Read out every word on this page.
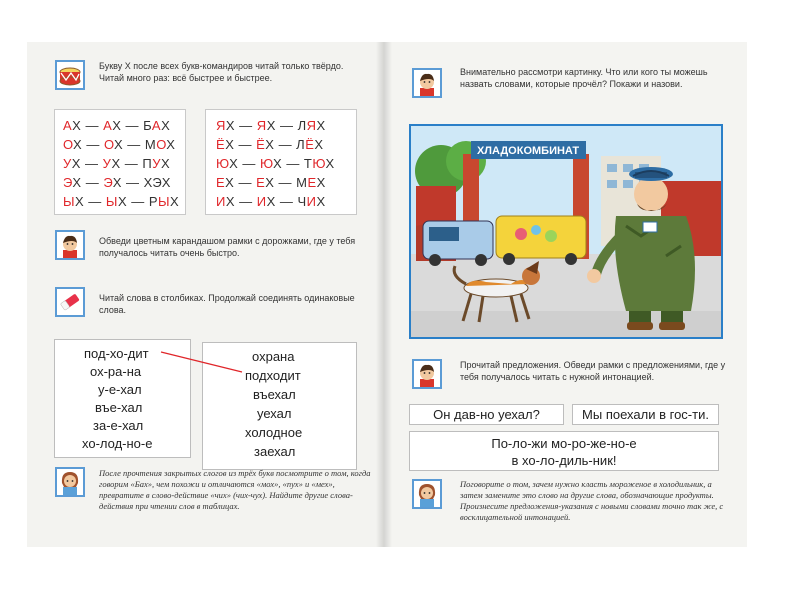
Букву Х после всех букв-командиров читай только твёрдо. Читай много раз: всё быстрее и быстрее.
АХ — АХ — БАХ
ОХ — ОХ — МОХ
УХ — УХ — ПУХ
ЭХ — ЭХ — ХЭХ
ЫХ — ЫХ — РЫХ
ЯХ — ЯХ — ЛЯХ
ЁХ — ЁХ — ЛЁХ
ЮХ — ЮХ — ТЮХ
ЕХ — ЕХ — МЕХ
ИХ — ИХ — ЧИХ
Обведи цветным карандашом рамки с дорожками, где у тебя получалось читать очень быстро.
Читай слова в столбиках. Продолжай соединять одинаковые слова.
под-хо-дит
ох-ра-на
у-е-хал
въе-хал
за-е-хал
хо-лод-но-е
охрана
подходит
въехал
уехал
холодное
заехал
После прочтения закрытых слогов из трёх букв посмотрите о том, когда говорим «Бах», чем похожи и отличаются «мох», «пух» и «мех», превратите в слово-действие «чих» (чих-чух). Найдите другие слова-действия при чтении слов в таблицах.
Внимательно рассмотри картинку. Что или кого ты можешь назвать словами, которые прочёл? Покажи и назови.
ХЛАДОКОМБИНАТ
Прочитай предложения. Обведи рамки с предложениями, где у тебя получалось читать с нужной интонацией.
Он дав-но уехал?	Мы поехали в гос-ти.
По-ло-жи мо-ро-же-но-е
в хо-ло-диль-ник!
Поговорите о том, зачем нужно класть мороженое в холодильник, а затем замените это слово на другие слова, обозначающие продукты. Произнесите предложения-указания с новыми словами точно так же, с восклицательной интонацией.
